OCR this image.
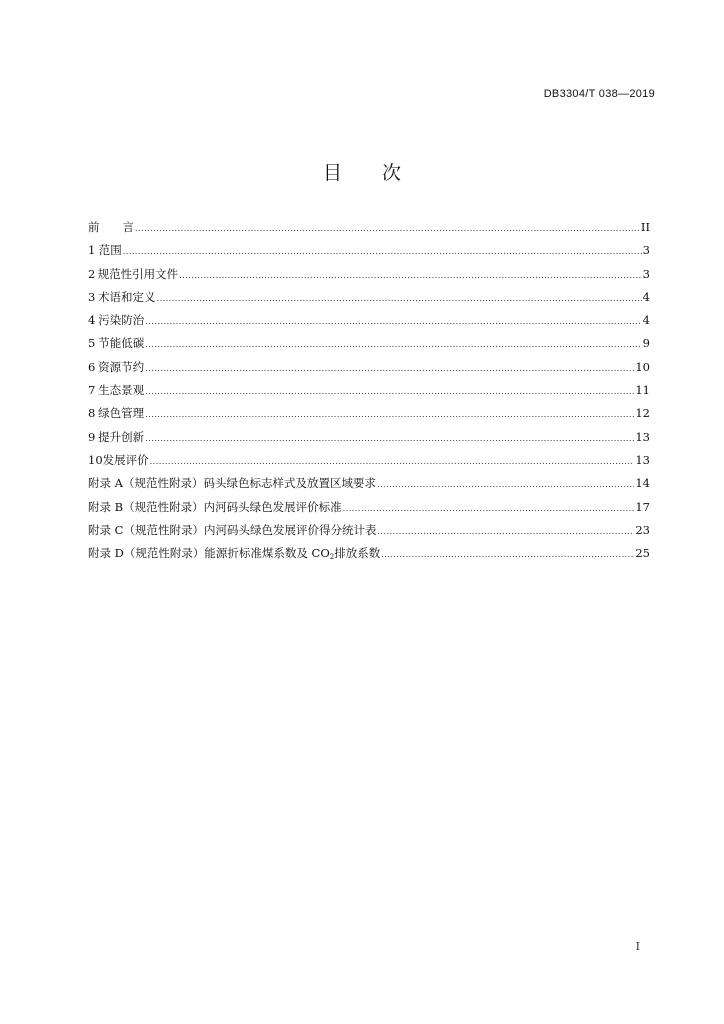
DB3304/T 038—2019
目 次
前　　言 .....	II
1 范围 .....	3
2 规范性引用文件 .....	3
3 术语和定义 .....	4
4 污染防治 .....	4
5 节能低碳 .....	9
6 资源节约 .....	10
7 生态景观 .....	11
8 绿色管理 .....	12
9 提升创新 .....	13
10 发展评价 .....	13
附录 A（规范性附录） 码头绿色标志样式及放置区域要求 .....	14
附录 B（规范性附录） 内河码头绿色发展评价标准 .....	17
附录 C（规范性附录） 内河码头绿色发展评价得分统计表 .....	23
附录 D（规范性附录） 能源折标准煤系数及 $CO_2$排放系数 .....	25
I
